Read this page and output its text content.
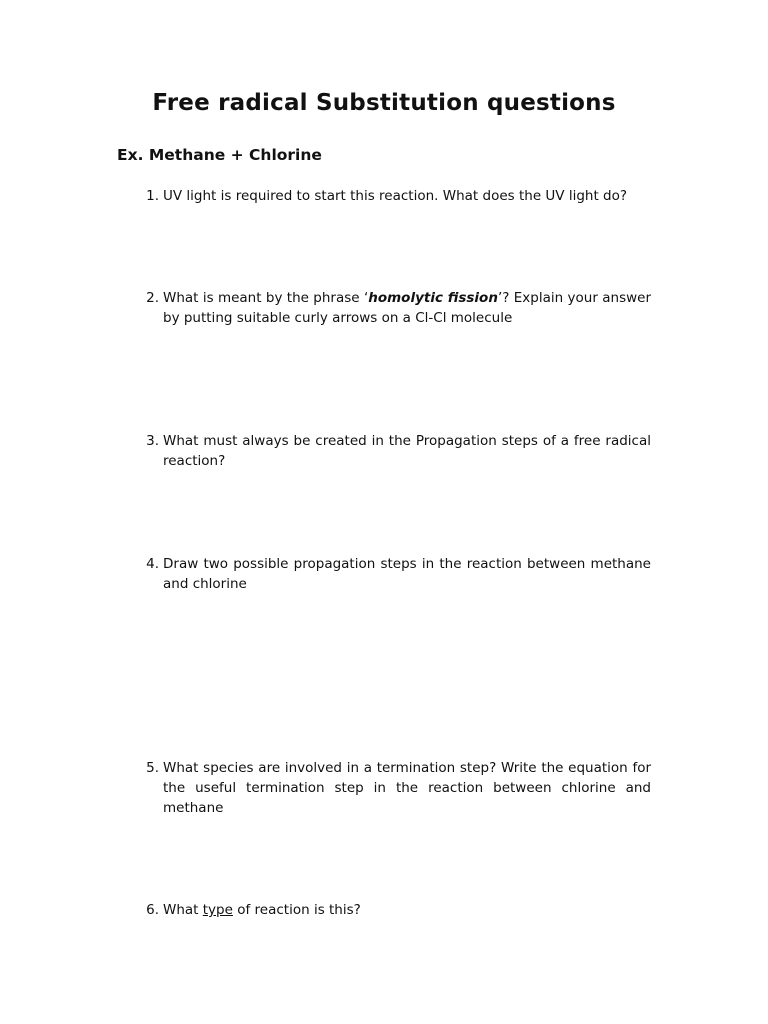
Free radical Substitution questions
Ex. Methane + Chlorine
1. UV light is required to start this reaction. What does the UV light do?
2. What is meant by the phrase ‘homolytic fission’? Explain your answer by putting suitable curly arrows on a Cl-Cl molecule
3. What must always be created in the Propagation steps of a free radical reaction?
4. Draw two possible propagation steps in the reaction between methane and chlorine
5. What species are involved in a termination step? Write the equation for the useful termination step in the reaction between chlorine and methane
6. What type of reaction is this?
